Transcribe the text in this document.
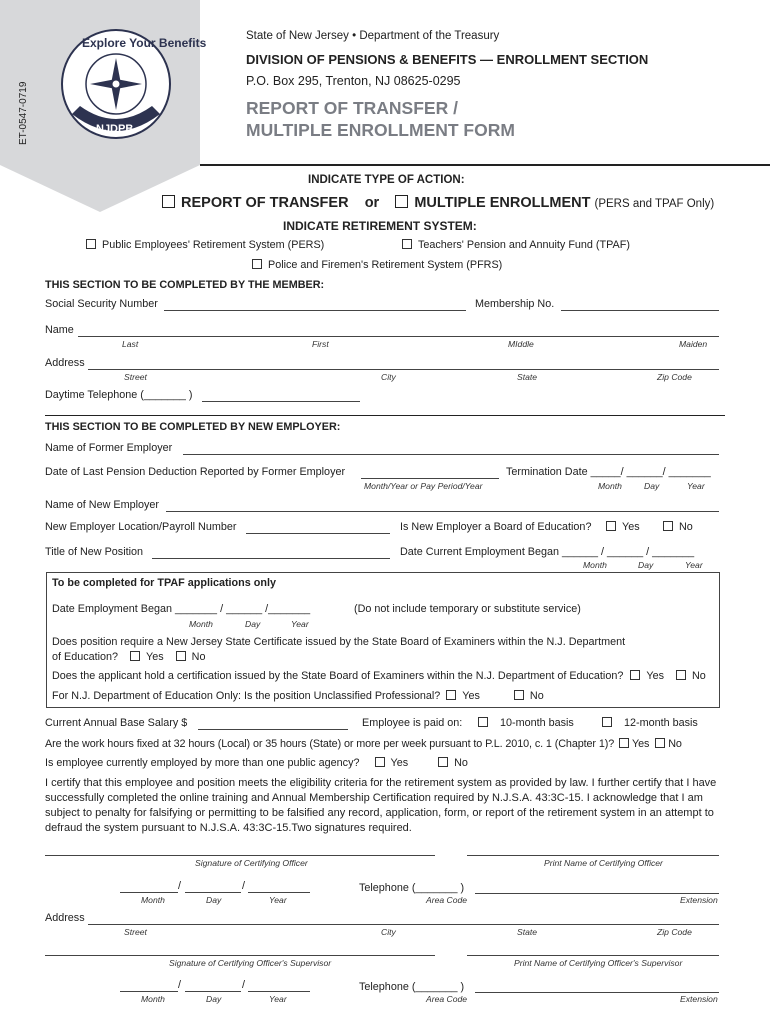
Explore Your Benefits
NJDPB
ET-0547-0719
State of New Jersey • Department of the Treasury
DIVISION OF PENSIONS & BENEFITS — ENROLLMENT SECTION
P.O. Box 295, Trenton, NJ 08625-0295
REPORT OF TRANSFER /
MULTIPLE ENROLLMENT FORM
INDICATE TYPE OF ACTION:
REPORT OF TRANSFER or MULTIPLE ENROLLMENT (PERS and TPAF Only)
INDICATE RETIREMENT SYSTEM:
Public Employees' Retirement System (PERS)	Teachers' Pension and Annuity Fund (TPAF)
Police and Firemen's Retirement System (PFRS)
THIS SECTION TO BE COMPLETED BY THE MEMBER:
Social Security Number	Membership No.
Name
Last	First	MIddle	Maiden
Address
Street	City	State	Zip Code
Daytime Telephone (_______ )
THIS SECTION TO BE COMPLETED BY NEW EMPLOYER:
Name of Former Employer
Date of Last Pension Deduction Reported by Former Employer	Termination Date _____/ ______/ _______
Month/Year or Pay Period/Year	Month	Day	Year
Name of New Employer
New Employer Location/Payroll Number	Is New Employer a Board of Education?	Yes	No
Title of New Position	Date Current Employment Began ______ / ______ / _______
Month	Day	Year
To be completed for TPAF applications only
Date Employment Began _______ / ______ /_______	(Do not include temporary or substitute service)
Month	Day	Year
Does position require a New Jersey State Certificate issued by the State Board of Examiners within the N.J. Department
of Education?	Yes	No
Does the applicant hold a certification issued by the State Board of Examiners within the N.J. Department of Education? Yes	No
For N.J. Department of Education Only: Is the position Unclassified Professional? Yes	No
Current Annual Base Salary $	Employee is paid on:	10-month basis	12-month basis
Are the work hours fixed at 32 hours (Local) or 35 hours (State) or more per week pursuant to P.L. 2010, c. 1 (Chapter 1)? Yes No
Is employee currently employed by more than one public agency?	Yes	No
I certify that this employee and position meets the eligibility criteria for the retirement system as provided by law. I further certify that I have successfully completed the online training and Annual Membership Certification required by N.J.S.A. 43:3C-15. I acknowledge that I am subject to penalty for falsifying or permitting to be falsified any record, application, form, or report of the retirement system in an attempt to defraud the system pursuant to N.J.S.A. 43:3C-15.Two signatures required.
Signature of Certifying Officer	Print Name of Certifying Officer
/	/
Month	Day	Year
Telephone (_______ )
Area Code	Extension
Address
Street	City	State	Zip Code
Signature of Certifying Officer's Supervisor	Print Name of Certifying Officer's Supervisor
/	/
Month	Day	Year
Telephone (_______ )
Area Code	Extension
